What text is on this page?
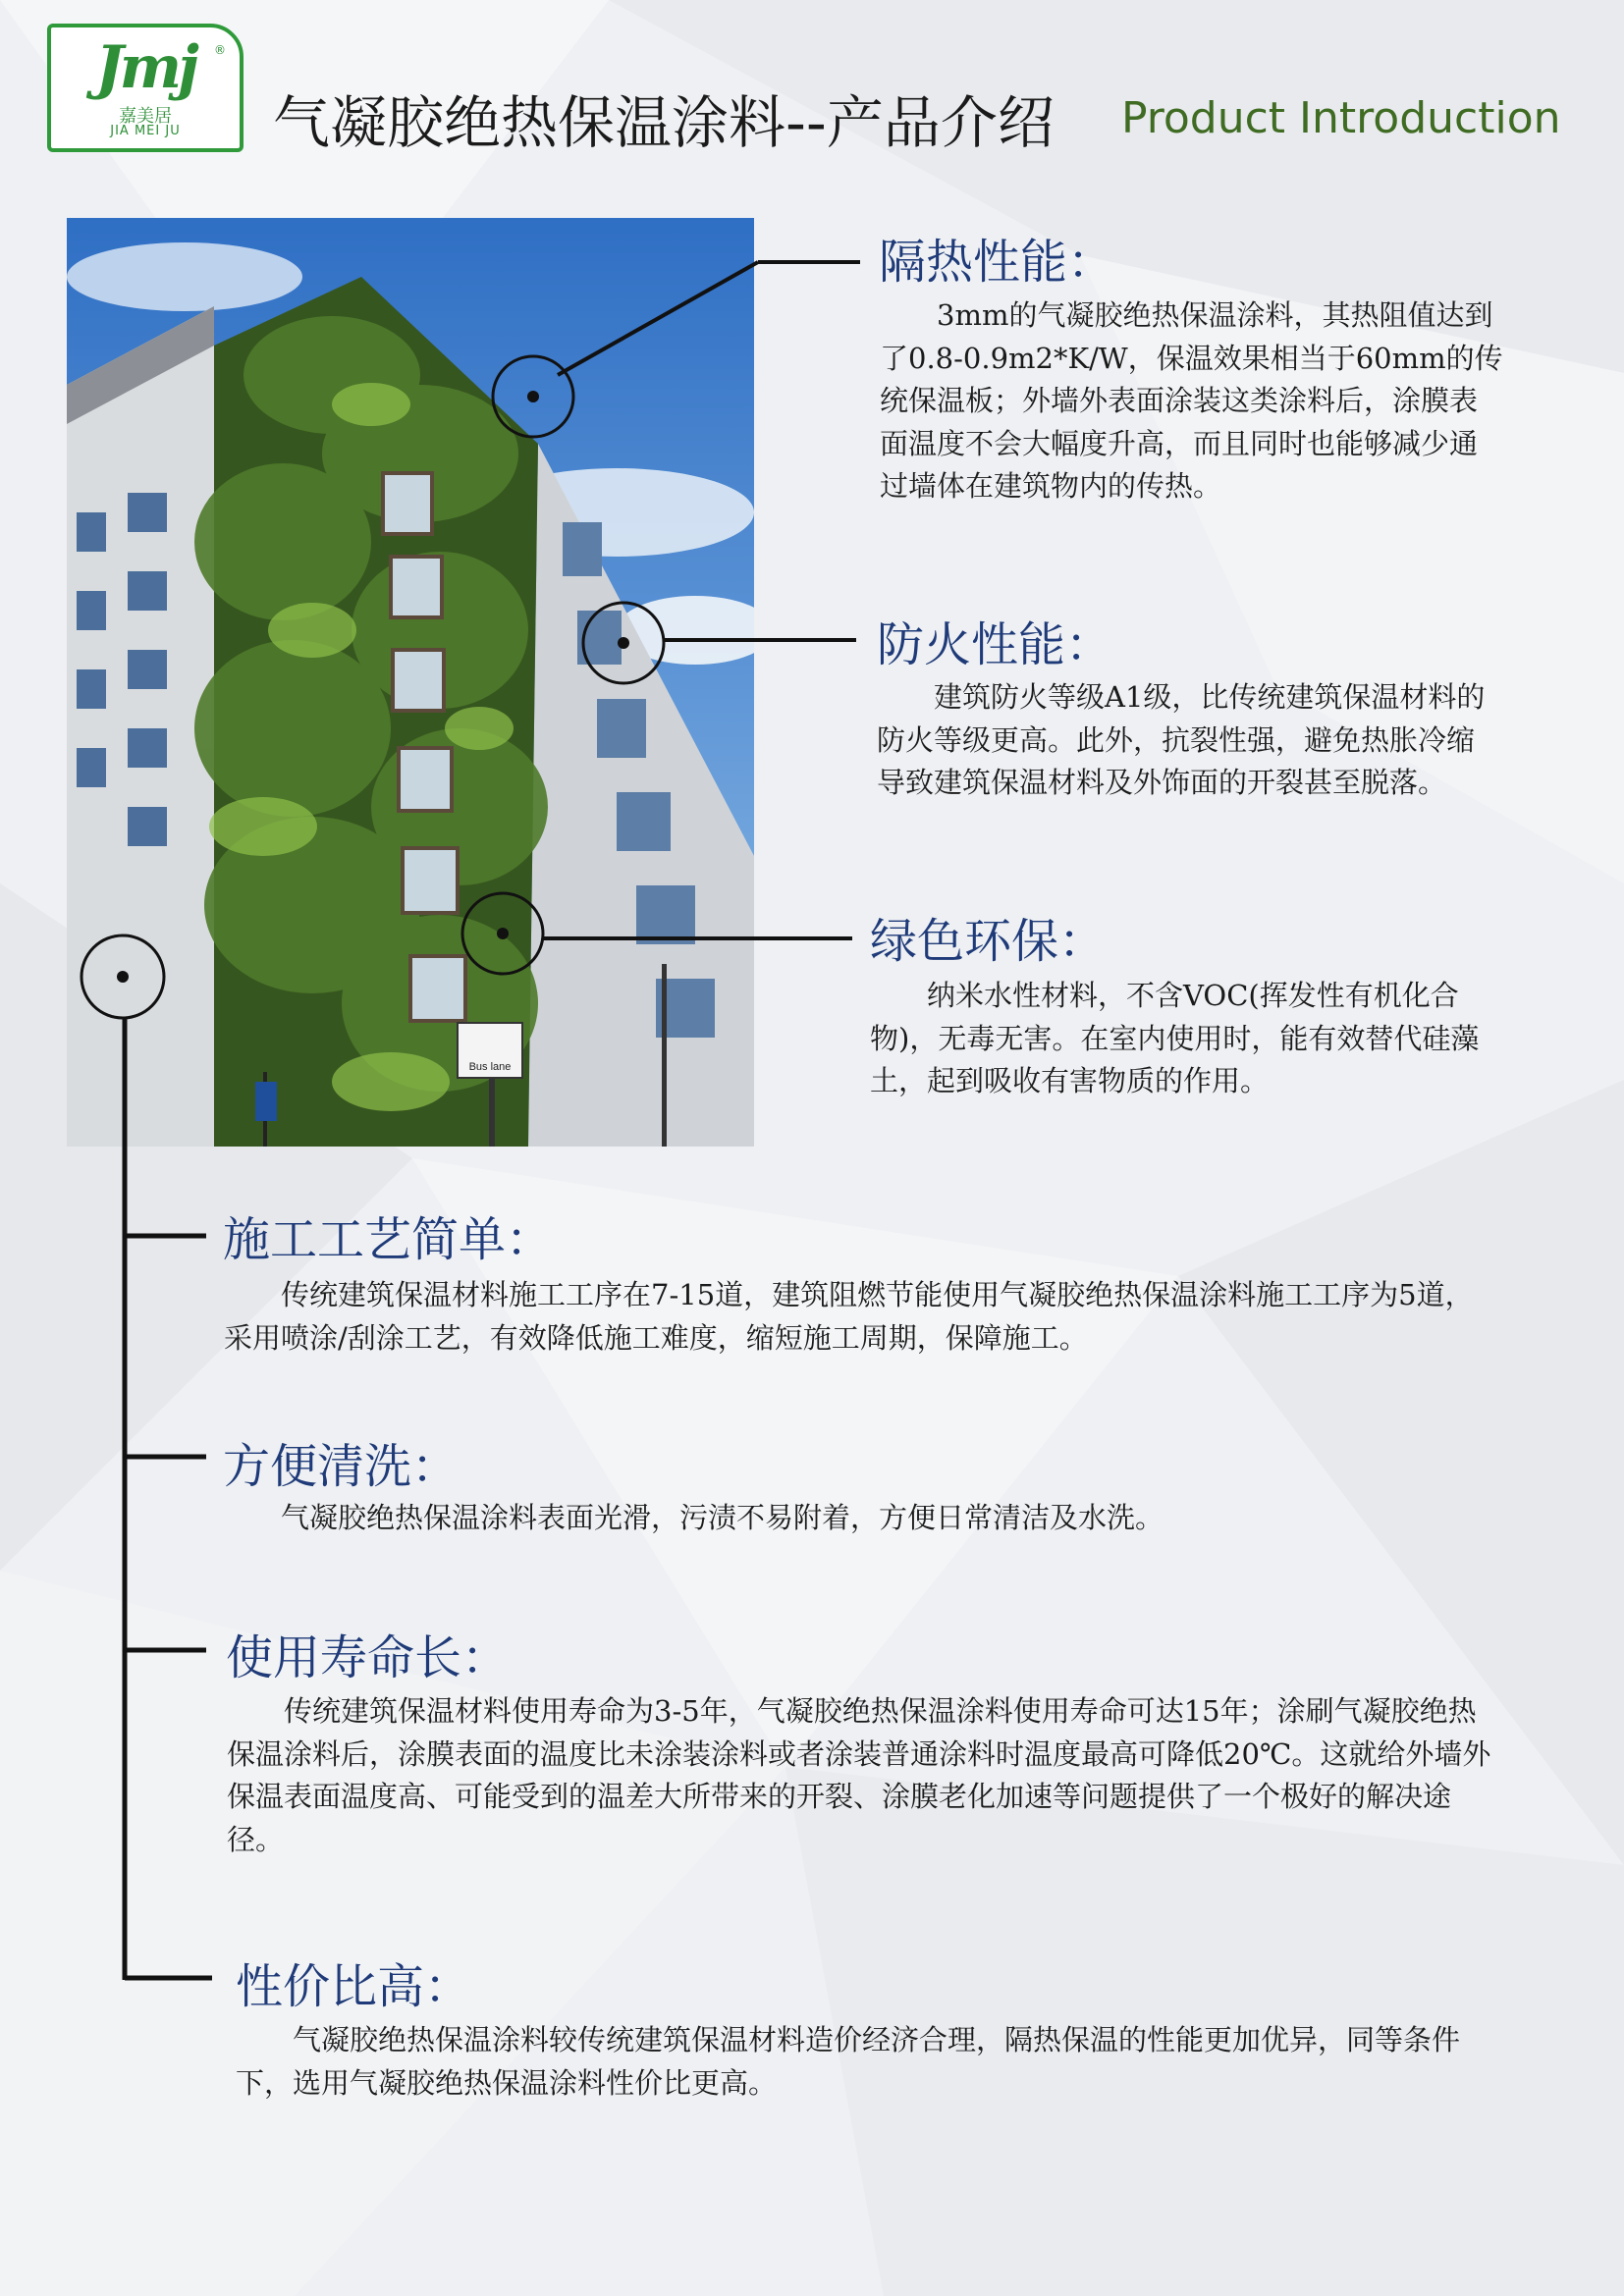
Jmj	®
嘉美居
JIA MEI JU	气凝胶绝热保温涂料--产品介绍 Product Introduction
Bus lane
隔热性能：
3mm的气凝胶绝热保温涂料，其热阻值达到了0.8-0.9m2*K/W，保温效果相当于60mm的传统保温板；外墙外表面涂装这类涂料后，涂膜表面温度不会大幅度升高，而且同时也能够减少通过墙体在建筑物内的传热。
防火性能：
建筑防火等级A1级，比传统建筑保温材料的防火等级更高。此外，抗裂性强，避免热胀冷缩导致建筑保温材料及外饰面的开裂甚至脱落。
绿色环保：
纳米水性材料，不含VOC(挥发性有机化合物)，无毒无害。在室内使用时，能有效替代硅藻土，起到吸收有害物质的作用。
施工工艺简单：
传统建筑保温材料施工工序在7-15道，建筑阻燃节能使用气凝胶绝热保温涂料施工工序为5道，采用喷涂/刮涂工艺，有效降低施工难度，缩短施工周期，保障施工。
方便清洗：
气凝胶绝热保温涂料表面光滑，污渍不易附着，方便日常清洁及水洗。
使用寿命长：
传统建筑保温材料使用寿命为3-5年，气凝胶绝热保温涂料使用寿命可达15年；涂刷气凝胶绝热保温涂料后，涂膜表面的温度比未涂装涂料或者涂装普通涂料时温度最高可降低20℃。这就给外墙外保温表面温度高、可能受到的温差大所带来的开裂、涂膜老化加速等问题提供了一个极好的解决途径。
性价比高：
气凝胶绝热保温涂料较传统建筑保温材料造价经济合理，隔热保温的性能更加优异，同等条件下，选用气凝胶绝热保温涂料性价比更高。
